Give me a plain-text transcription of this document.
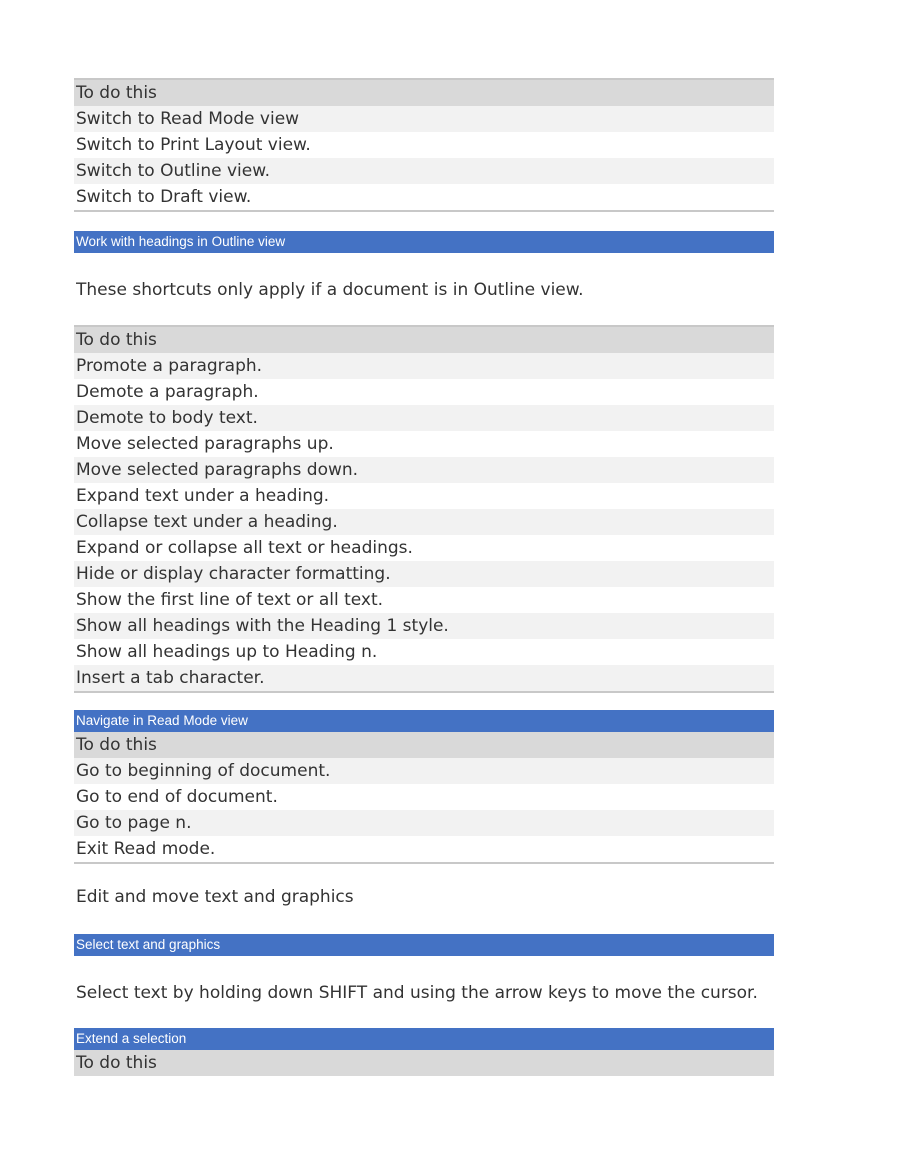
To do this
Switch to Read Mode view
Switch to Print Layout view.
Switch to Outline view.
Switch to Draft view.
Work with headings in Outline view
These shortcuts only apply if a document is in Outline view.
To do this
Promote a paragraph.
Demote a paragraph.
Demote to body text.
Move selected paragraphs up.
Move selected paragraphs down.
Expand text under a heading.
Collapse text under a heading.
Expand or collapse all text or headings.
Hide or display character formatting.
Show the first line of text or all text.
Show all headings with the Heading 1 style.
Show all headings up to Heading n.
Insert a tab character.
Navigate in Read Mode view
To do this
Go to beginning of document.
Go to end of document.
Go to page n.
Exit Read mode.
Edit and move text and graphics
Select text and graphics
Select text by holding down SHIFT and using the arrow keys to move the cursor.
Extend a selection
To do this
